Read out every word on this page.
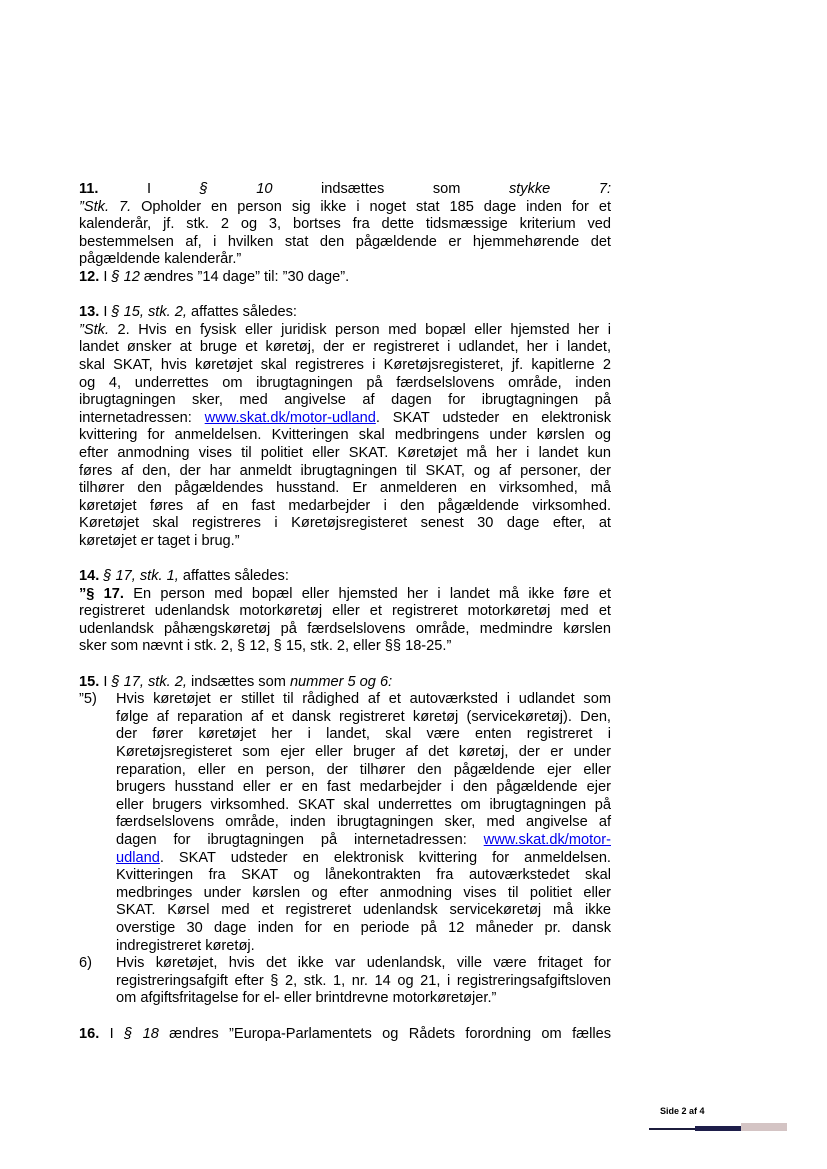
11. I § 10 indsættes som stykke 7:
”Stk. 7. Opholder en person sig ikke i noget stat 185 dage inden for et
kalenderår, jf. stk. 2 og 3, bortses fra dette tidsmæssige kriterium ved
bestemmelsen af, i hvilken stat den pågældende er hjemmehørende det
pågældende kalenderår.”
12. I § 12 ændres ”14 dage” til: ”30 dage”.
13. I § 15, stk. 2, affattes således:
”Stk. 2. Hvis en fysisk eller juridisk person med bopæl eller hjemsted her i
landet ønsker at bruge et køretøj, der er registreret i udlandet, her i landet,
skal SKAT, hvis køretøjet skal registreres i Køretøjsregisteret, jf. kapitlerne 2
og 4, underrettes om ibrugtagningen på færdselslovens område, inden
ibrugtagningen sker, med angivelse af dagen for ibrugtagningen på
internetadressen: www.skat.dk/motor-udland. SKAT udsteder en elektronisk
kvittering for anmeldelsen. Kvitteringen skal medbringens under kørslen og
efter anmodning vises til politiet eller SKAT. Køretøjet må her i landet kun
føres af den, der har anmeldt ibrugtagningen til SKAT, og af personer, der
tilhører den pågældendes husstand. Er anmelderen en virksomhed, må
køretøjet føres af en fast medarbejder i den pågældende virksomhed.
Køretøjet skal registreres i Køretøjsregisteret senest 30 dage efter, at
køretøjet er taget i brug.”
14. § 17, stk. 1, affattes således:
”§ 17. En person med bopæl eller hjemsted her i landet må ikke føre et
registreret udenlandsk motorkøretøj eller et registreret motorkøretøj med et
udenlandsk påhængskøretøj på færdselslovens område, medmindre kørslen
sker som nævnt i stk. 2, § 12, § 15, stk. 2, eller §§ 18-25.”
15. I § 17, stk. 2, indsættes som nummer 5 og 6:
”5) Hvis køretøjet er stillet til rådighed af et autoværksted i udlandet som
følge af reparation af et dansk registreret køretøj (servicekøretøj). Den,
der fører køretøjet her i landet, skal være enten registreret i
Køretøjsregisteret som ejer eller bruger af det køretøj, der er under
reparation, eller en person, der tilhører den pågældende ejer eller
brugers husstand eller er en fast medarbejder i den pågældende ejer
eller brugers virksomhed. SKAT skal underrettes om ibrugtagningen på
færdselslovens område, inden ibrugtagningen sker, med angivelse af
dagen for ibrugtagningen på internetadressen: www.skat.dk/motor-
udland. SKAT udsteder en elektronisk kvittering for anmeldelsen.
Kvitteringen fra SKAT og lånekontrakten fra autoværkstedet skal
medbringes under kørslen og efter anmodning vises til politiet eller
SKAT. Kørsel med et registreret udenlandsk servicekøretøj må ikke
overstige 30 dage inden for en periode på 12 måneder pr. dansk
indregistreret køretøj.
6) Hvis køretøjet, hvis det ikke var udenlandsk, ville være fritaget for
registreringsafgift efter § 2, stk. 1, nr. 14 og 21, i registreringsafgiftsloven
om afgiftsfritagelse for el- eller brintdrevne motorkøretøjer.”
16. I § 18 ændres ”Europa-Parlamentets og Rådets forordning om fælles
Side 2 af 4
